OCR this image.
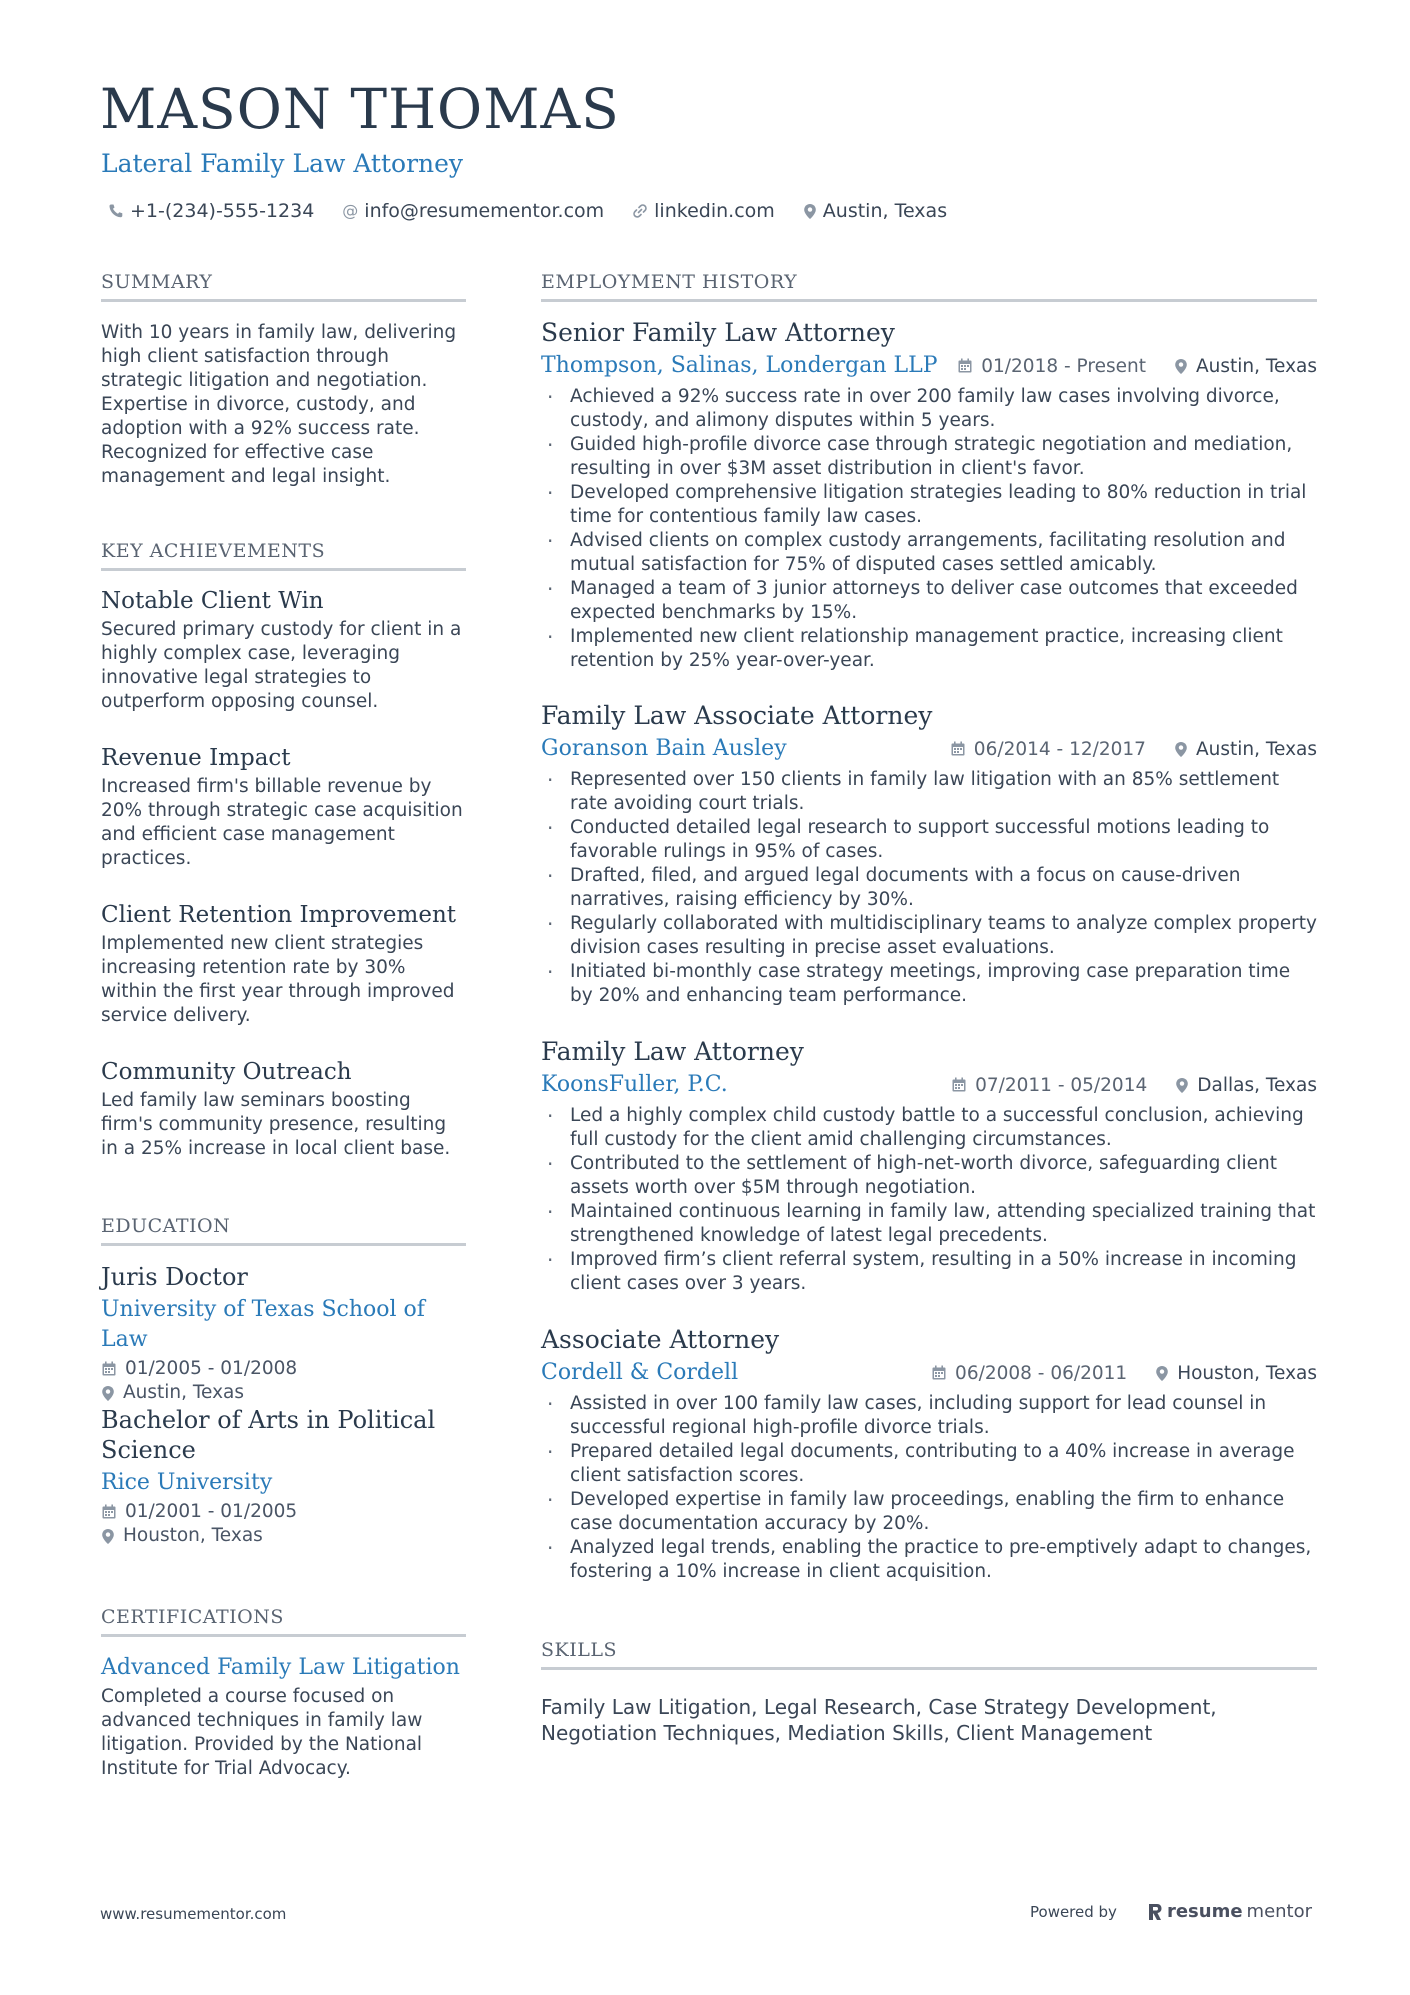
MASON THOMAS
Lateral Family Law Attorney
+1-(234)-555-1234 @ info@resumementor.com	linkedin.com	Austin, Texas
SUMMARY

With 10 years in family law, delivering high client satisfaction through strategic litigation and negotiation. Expertise in divorce, custody, and adoption with a 92% success rate. Recognized for effective case management and legal insight.

KEY ACHIEVEMENTS
Notable Client Win

Secured primary custody for client in a highly complex case, leveraging innovative legal strategies to outperform opposing counsel.

Revenue Impact

Increased firm's billable revenue by 20% through strategic case acquisition and efficient case management practices.

Client Retention Improvement

Implemented new client strategies increasing retention rate by 30% within the first year through improved service delivery.

Community Outreach

Led family law seminars boosting firm's community presence, resulting in a 25% increase in local client base.

EDUCATION
Juris Doctor
University of Texas School of Law
01/2005 - 01/2008
Austin, Texas
Bachelor of Arts in Political Science
Rice University
01/2001 - 01/2005
Houston, Texas
CERTIFICATIONS
Advanced Family Law Litigation

Completed a course focused on advanced techniques in family law litigation. Provided by the National Institute for Trial Advocacy.

EMPLOYMENT HISTORY
Senior Family Law Attorney
Thompson, Salinas, Londergan LLP 01/2018 - Present	Austin, Texas
· Achieved a 92% success rate in over 200 family law cases involving divorce, custody, and alimony disputes within 5 years.
· Guided high-profile divorce case through strategic negotiation and mediation, resulting in over $3M asset distribution in client's favor.
· Developed comprehensive litigation strategies leading to 80% reduction in trial time for contentious family law cases.
· Advised clients on complex custody arrangements, facilitating resolution and mutual satisfaction for 75% of disputed cases settled amicably.
· Managed a team of 3 junior attorneys to deliver case outcomes that exceeded expected benchmarks by 15%.
· Implemented new client relationship management practice, increasing client retention by 25% year-over-year.
Family Law Associate Attorney
Goranson Bain Ausley	06/2014 - 12/2017	Austin, Texas
· Represented over 150 clients in family law litigation with an 85% settlement rate avoiding court trials.
· Conducted detailed legal research to support successful motions leading to favorable rulings in 95% of cases.
· Drafted, filed, and argued legal documents with a focus on cause-driven narratives, raising efficiency by 30%.
· Regularly collaborated with multidisciplinary teams to analyze complex property division cases resulting in precise asset evaluations.
· Initiated bi-monthly case strategy meetings, improving case preparation time by 20% and enhancing team performance.
Family Law Attorney
KoonsFuller, P.C.	07/2011 - 05/2014	Dallas, Texas
· Led a highly complex child custody battle to a successful conclusion, achieving full custody for the client amid challenging circumstances.
· Contributed to the settlement of high-net-worth divorce, safeguarding client assets worth over $5M through negotiation.
· Maintained continuous learning in family law, attending specialized training that strengthened knowledge of latest legal precedents.
· Improved firm’s client referral system, resulting in a 50% increase in incoming client cases over 3 years.
Associate Attorney
Cordell & Cordell	06/2008 - 06/2011	Houston, Texas
· Assisted in over 100 family law cases, including support for lead counsel in successful regional high-profile divorce trials.
· Prepared detailed legal documents, contributing to a 40% increase in average client satisfaction scores.
· Developed expertise in family law proceedings, enabling the firm to enhance case documentation accuracy by 20%.
· Analyzed legal trends, enabling the practice to pre-emptively adapt to changes, fostering a 10% increase in client acquisition.
SKILLS

Family Law Litigation, Legal Research, Case Strategy Development, Negotiation Techniques, Mediation Skills, Client Management

www.resumementor.com	Powered by	resume mentor
